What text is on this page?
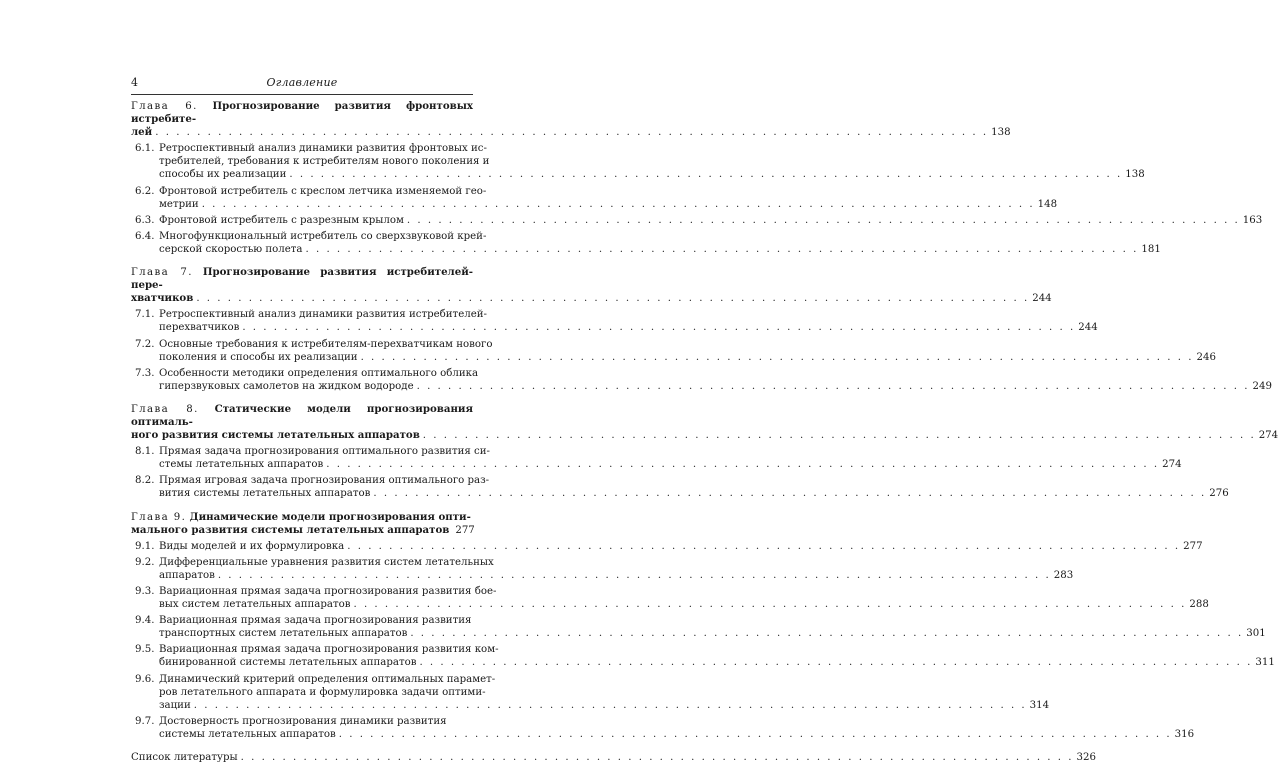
4	Оглавление
Глава 6. Прогнозирование развития фронтовых истребите-
лей . . .	138
6.1. Ретроспективный анализ динамики развития фронтовых ис-
требителей, требования к истребителям нового поколения и
способы их реализации . . .	138
6.2. Фронтовой истребитель с креслом летчика изменяемой гео-
метрии . . .	148
6.3. Фронтовой истребитель с разрезным крылом . . .	163
6.4. Многофункциональный истребитель со сверхзвуковой крей-
серской скоростью полета . . .	181
Глава 7. Прогнозирование развития истребителей-пере-
хватчиков . . .	244
7.1. Ретроспективный анализ динамики развития истребителей-
перехватчиков . . .	244
7.2. Основные требования к истребителям-перехватчикам нового
поколения и способы их реализации . . .	246
7.3. Особенности методики определения оптимального облика
гиперзвуковых самолетов на жидком водороде . . .	249
Глава 8. Статические модели прогнозирования оптималь-
ного развития системы летательных аппаратов . . .	274
8.1. Прямая задача прогнозирования оптимального развития си-
стемы летательных аппаратов . . .	274
8.2. Прямая игровая задача прогнозирования оптимального раз-
вития системы летательных аппаратов . . .	276
Глава 9. Динамические модели прогнозирования опти-
мального развития системы летательных аппаратов 277
9.1. Виды моделей и их формулировка . . .	277
9.2. Дифференциальные уравнения развития систем летательных
аппаратов . . .	283
9.3. Вариационная прямая задача прогнозирования развития бое-
вых систем летательных аппаратов . . .	288
9.4. Вариационная прямая задача прогнозирования развития
транспортных систем летательных аппаратов . . .	301
9.5. Вариационная прямая задача прогнозирования развития ком-
бинированной системы летательных аппаратов . . .	311
9.6. Динамический критерий определения оптимальных парамет-
ров летательного аппарата и формулировка задачи оптими-
зации . . .	314
9.7. Достоверность прогнозирования динамики развития
системы летательных аппаратов . . .	316
Список литературы . . .	326
